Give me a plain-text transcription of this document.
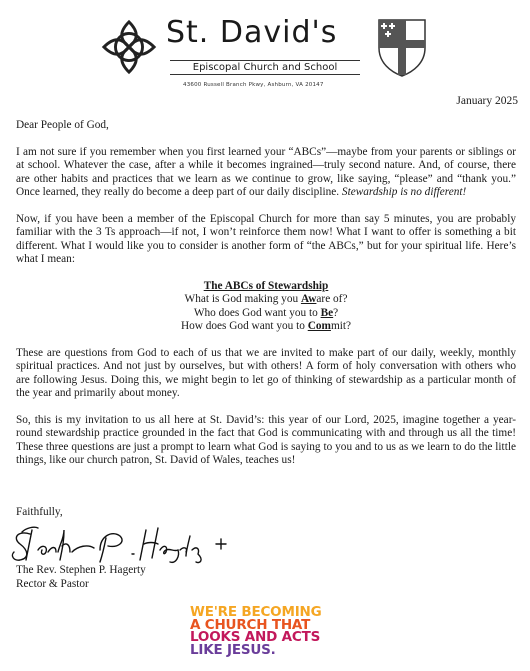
St. David's
Episcopal Church and School
43600 Russell Branch Pkwy, Ashburn, VA 20147
January 2025
Dear People of God,

I am not sure if you remember when you first learned your “ABCs”—maybe from your parents or siblings or at school. Whatever the case, after a while it becomes ingrained—truly second nature. And, of course, there are other habits and practices that we learn as we continue to grow, like saying, “please” and “thank you.” Once learned, they really do become a deep part of our daily discipline. Stewardship is no different!

Now, if you have been a member of the Episcopal Church for more than say 5 minutes, you are probably familiar with the 3 Ts approach—if not, I won’t reinforce them now! What I want to offer is something a bit different. What I would like you to consider is another form of “the ABCs,” but for your spiritual life. Here’s what I mean:

The ABCs of Stewardship
What is God making you Aware of?
Who does God want you to Be?
How does God want you to Commit?

These are questions from God to each of us that we are invited to make part of our daily, weekly, monthly spiritual practices. And not just by ourselves, but with others! A form of holy conversation with others who are following Jesus. Doing this, we might begin to let go of thinking of stewardship as a particular month of the year and primarily about money.

So, this is my invitation to us all here at St. David’s: this year of our Lord, 2025, imagine together a year-round stewardship practice grounded in the fact that God is communicating with and through us all the time! These three questions are just a prompt to learn what God is saying to you and to us as we learn to do the little things, like our church patron, St. David of Wales, teaches us!

Faithfully,
The Rev. Stephen P. Hagerty
Rector & Pastor
WE'RE BECOMING
A CHURCH THAT
LOOKS AND ACTS
LIKE JESUS.
